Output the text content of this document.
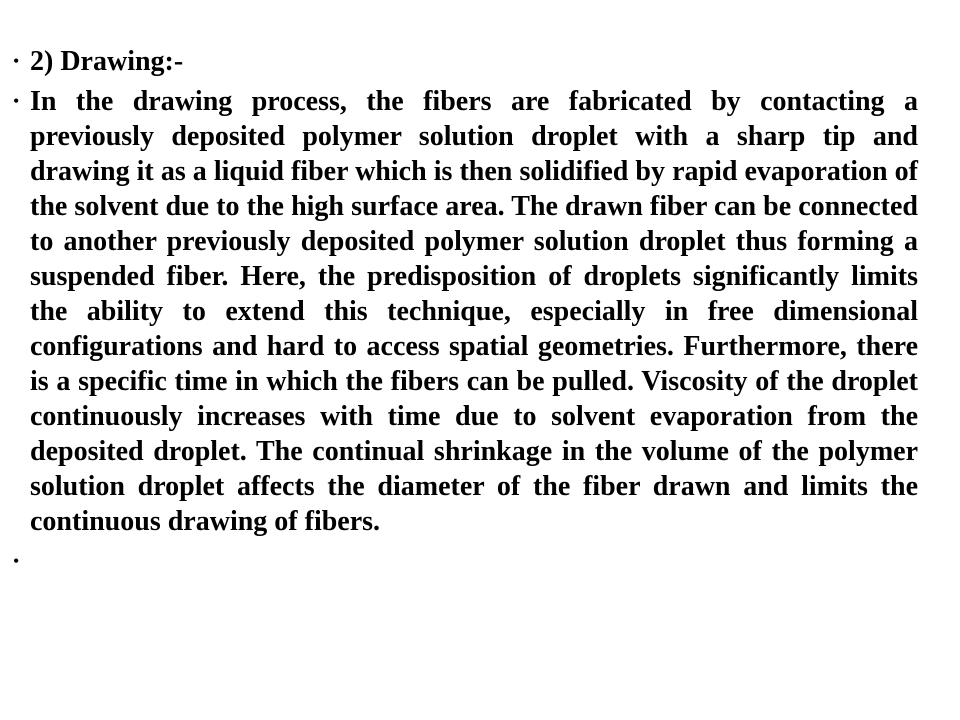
• 2) Drawing:-
• In the drawing process, the fibers are fabricated by contacting a previously deposited polymer solution droplet with a sharp tip and drawing it as a liquid fiber which is then solidified by rapid evaporation of the solvent due to the high surface area. The drawn fiber can be connected to another previously deposited polymer solution droplet thus forming a suspended fiber. Here, the predisposition of droplets significantly limits the ability to extend this technique, especially in free dimensional configurations and hard to access spatial geometries. Furthermore, there is a specific time in which the fibers can be pulled. Viscosity of the droplet continuously increases with time due to solvent evaporation from the deposited droplet. The continual shrinkage in the volume of the polymer solution droplet affects the diameter of the fiber drawn and limits the continuous drawing of fibers.
•
